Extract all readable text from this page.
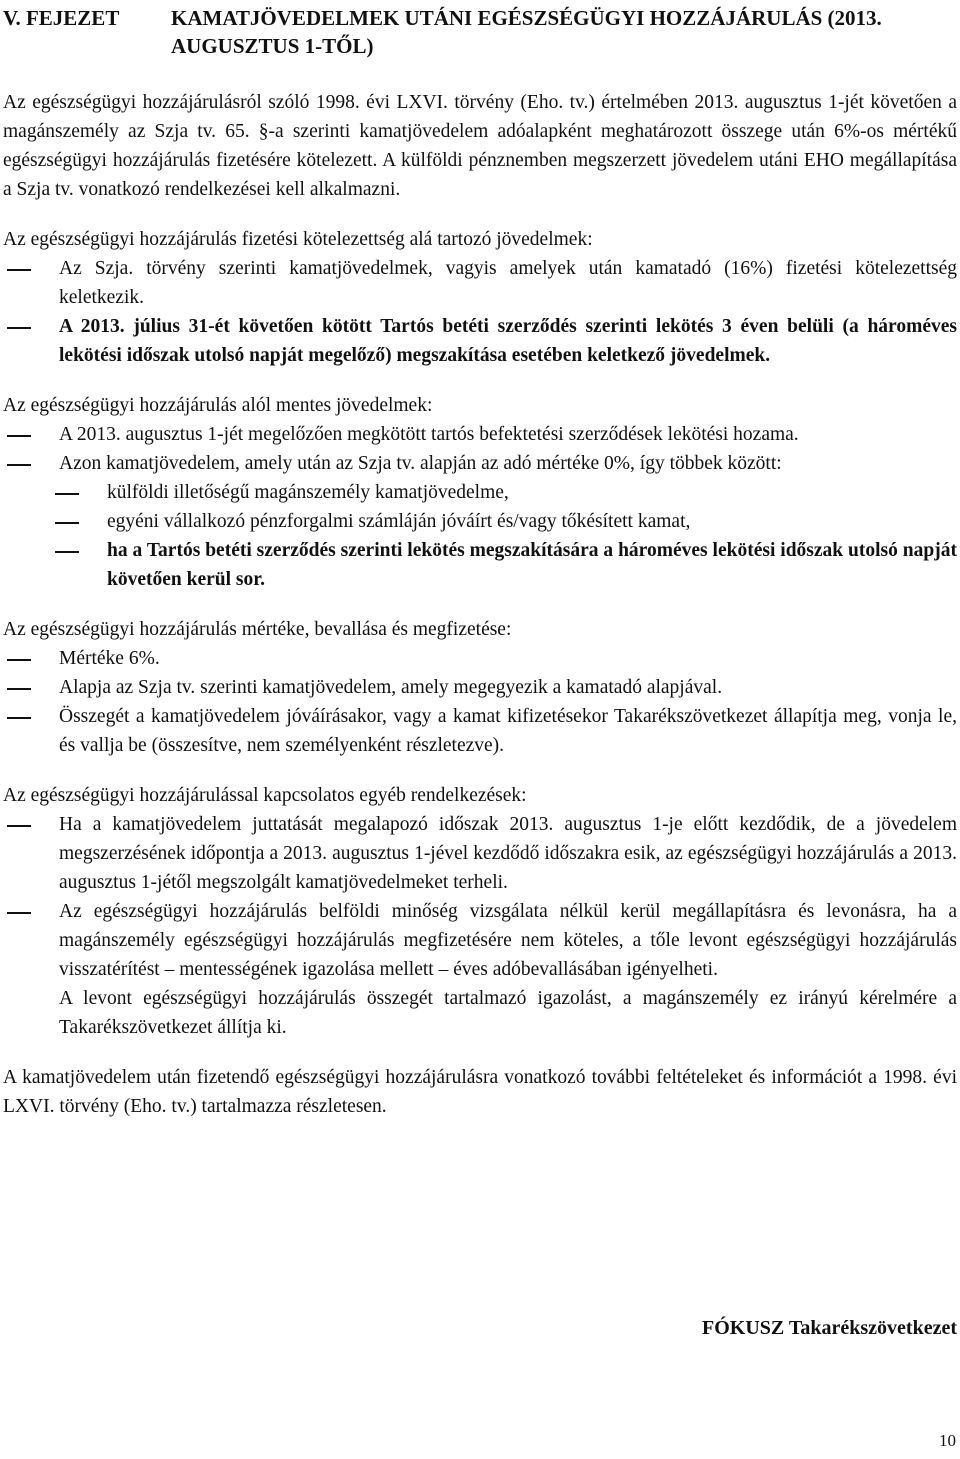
V. FEJEZET KAMATJÖVEDELMEK UTÁNI EGÉSZSÉGÜGYI HOZZÁJÁRULÁS (2013. AUGUSZTUS 1-TŐL)

Az egészségügyi hozzájárulásról szóló 1998. évi LXVI. törvény (Eho. tv.) értelmében 2013. augusztus 1-jét követően a magánszemély az Szja tv. 65. §-a szerinti kamatjövedelem adóalapként meghatározott összege után 6%-os mértékű egészségügyi hozzájárulás fizetésére kötelezett. A külföldi pénznemben megszerzett jövedelem utáni EHO megállapítása a Szja tv. vonatkozó rendelkezései kell alkalmazni.

Az egészségügyi hozzájárulás fizetési kötelezettség alá tartozó jövedelmek:

Az Szja. törvény szerinti kamatjövedelmek, vagyis amelyek után kamatadó (16%) fizetési kötelezettség keletkezik.
A 2013. július 31-ét követően kötött Tartós betéti szerződés szerinti lekötés 3 éven belüli (a hároméves lekötési időszak utolsó napját megelőző) megszakítása esetében keletkező jövedelmek.

Az egészségügyi hozzájárulás alól mentes jövedelmek:

A 2013. augusztus 1-jét megelőzően megkötött tartós befektetési szerződések lekötési hozama.
Azon kamatjövedelem, amely után az Szja tv. alapján az adó mértéke 0%, így többek között:
külföldi illetőségű magánszemély kamatjövedelme,
egyéni vállalkozó pénzforgalmi számláján jóváírt és/vagy tőkésített kamat,
ha a Tartós betéti szerződés szerinti lekötés megszakítására a hároméves lekötési időszak utolsó napját követően kerül sor.

Az egészségügyi hozzájárulás mértéke, bevallása és megfizetése:

Mértéke 6%.
Alapja az Szja tv. szerinti kamatjövedelem, amely megegyezik a kamatadó alapjával.
Összegét a kamatjövedelem jóváírásakor, vagy a kamat kifizetésekor Takarékszövetkezet állapítja meg, vonja le, és vallja be (összesítve, nem személyenként részletezve).

Az egészségügyi hozzájárulással kapcsolatos egyéb rendelkezések:

Ha a kamatjövedelem juttatását megalapozó időszak 2013. augusztus 1-je előtt kezdődik, de a jövedelem megszerzésének időpontja a 2013. augusztus 1-jével kezdődő időszakra esik, az egészségügyi hozzájárulás a 2013. augusztus 1-jétől megszolgált kamatjövedelmeket terheli.
Az egészségügyi hozzájárulás belföldi minőség vizsgálata nélkül kerül megállapításra és levonásra, ha a magánszemély egészségügyi hozzájárulás megfizetésére nem köteles, a tőle levont egészségügyi hozzájárulás visszatérítést – mentességének igazolása mellett – éves adóbevallásában igényelheti.

A levont egészségügyi hozzájárulás összegét tartalmazó igazolást, a magánszemély ez irányú kérelmére a Takarékszövetkezet állítja ki.

A kamatjövedelem után fizetendő egészségügyi hozzájárulásra vonatkozó további feltételeket és információt a 1998. évi LXVI. törvény (Eho. tv.) tartalmazza részletesen.

FÓKUSZ Takarékszövetkezet
10
